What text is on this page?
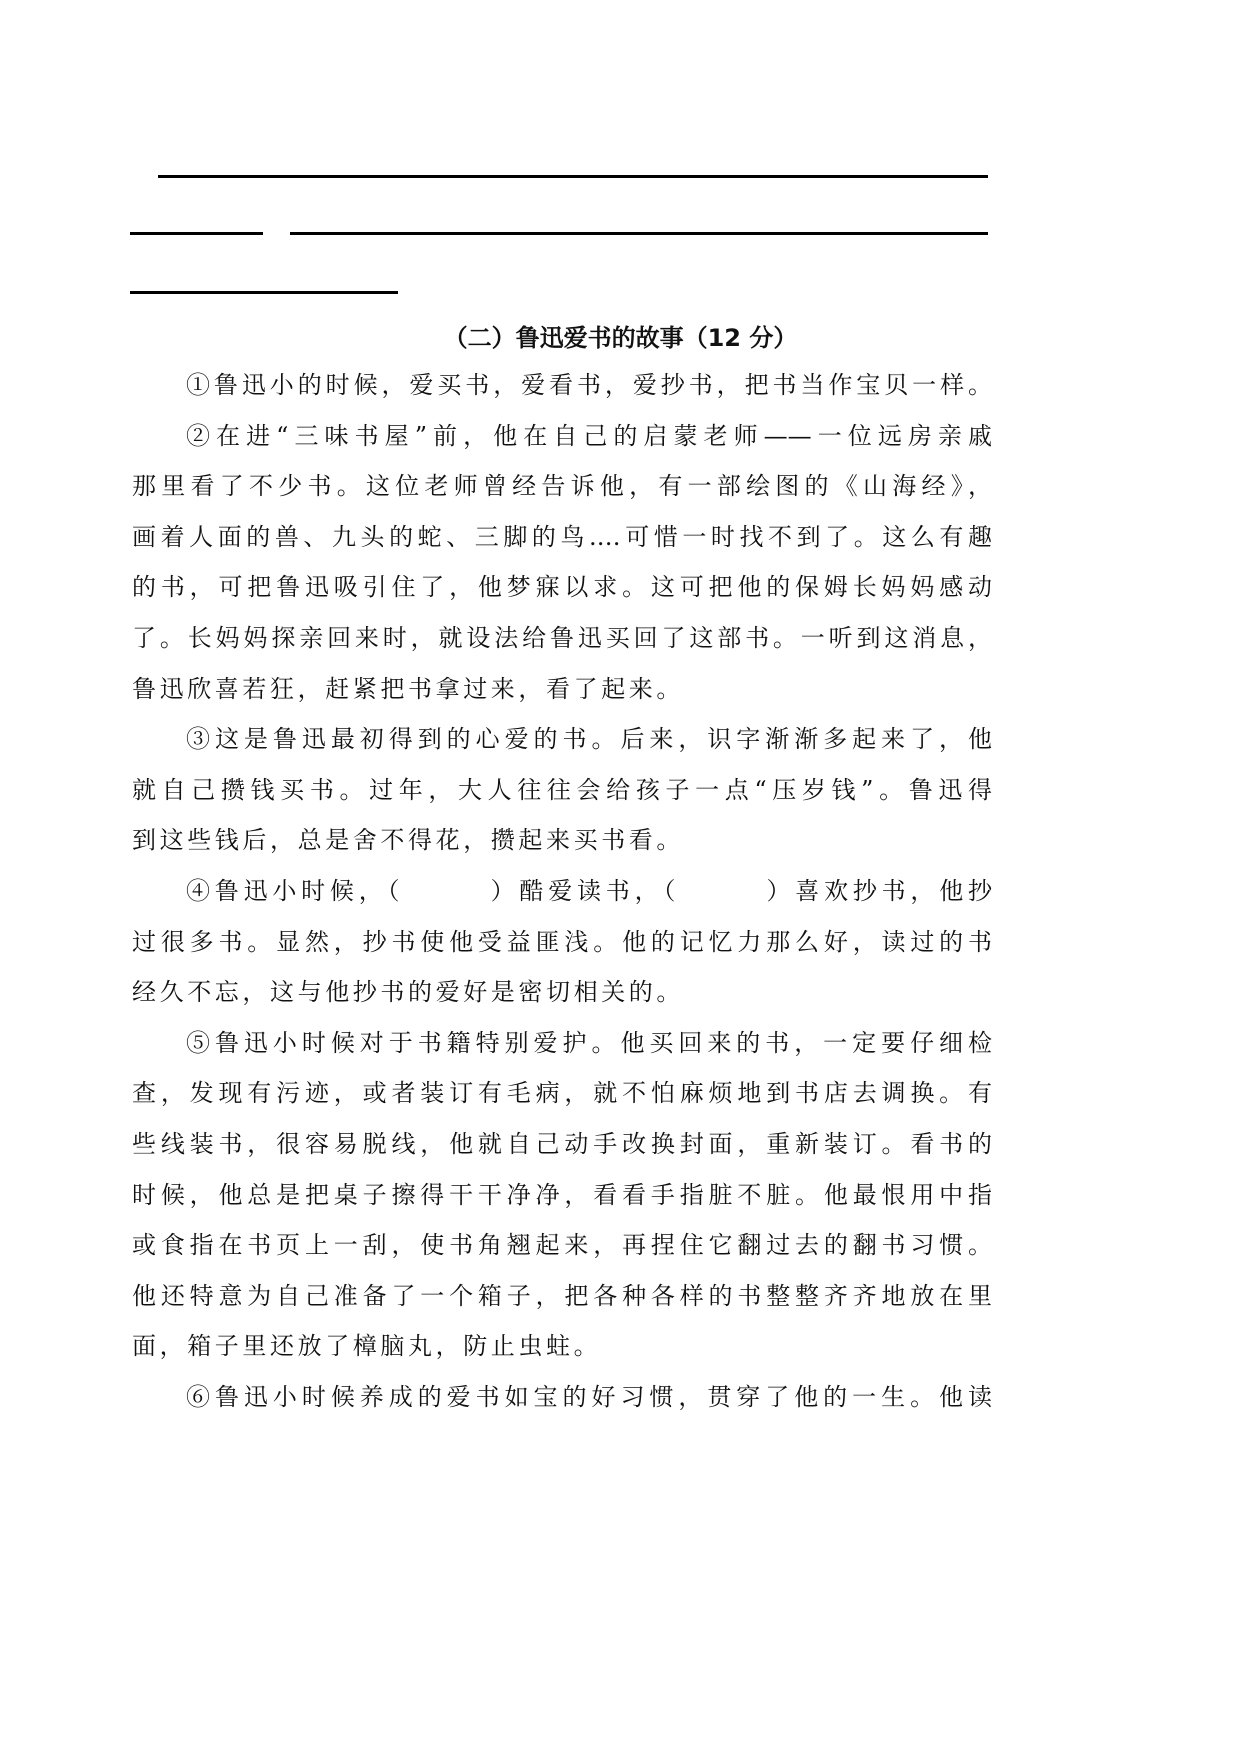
（二）鲁迅爱书的故事（12 分）
①鲁迅小的时候，爱买书，爱看书，爱抄书，把书当作宝贝一样。
②在进“三味书屋”前，他在自己的启蒙老师——一位远房亲戚
那里看了不少书。这位老师曾经告诉他，有一部绘图的《山海经》，
画着人面的兽、九头的蛇、三脚的鸟.…可惜一时找不到了。这么有趣
的书，可把鲁迅吸引住了，他梦寐以求。这可把他的保姆长妈妈感动
了。长妈妈探亲回来时，就设法给鲁迅买回了这部书。一听到这消息，
鲁迅欣喜若狂，赶紧把书拿过来，看了起来。
③这是鲁迅最初得到的心爱的书。后来，识字渐渐多起来了，他
就自己攒钱买书。过年，大人往往会给孩子一点“压岁钱”。鲁迅得
到这些钱后，总是舍不得花，攒起来买书看。
④鲁迅小时候，（　　　）酷爱读书，（　　　）喜欢抄书，他抄
过很多书。显然，抄书使他受益匪浅。他的记忆力那么好，读过的书
经久不忘，这与他抄书的爱好是密切相关的。
⑤鲁迅小时候对于书籍特别爱护。他买回来的书，一定要仔细检
查，发现有污迹，或者装订有毛病，就不怕麻烦地到书店去调换。有
些线装书，很容易脱线，他就自己动手改换封面，重新装订。看书的
时候，他总是把桌子擦得干干净净，看看手指脏不脏。他最恨用中指
或食指在书页上一刮，使书角翘起来，再捏住它翻过去的翻书习惯。
他还特意为自己准备了一个箱子，把各种各样的书整整齐齐地放在里
面，箱子里还放了樟脑丸，防止虫蛀。
⑥鲁迅小时候养成的爱书如宝的好习惯，贯穿了他的一生。他读
